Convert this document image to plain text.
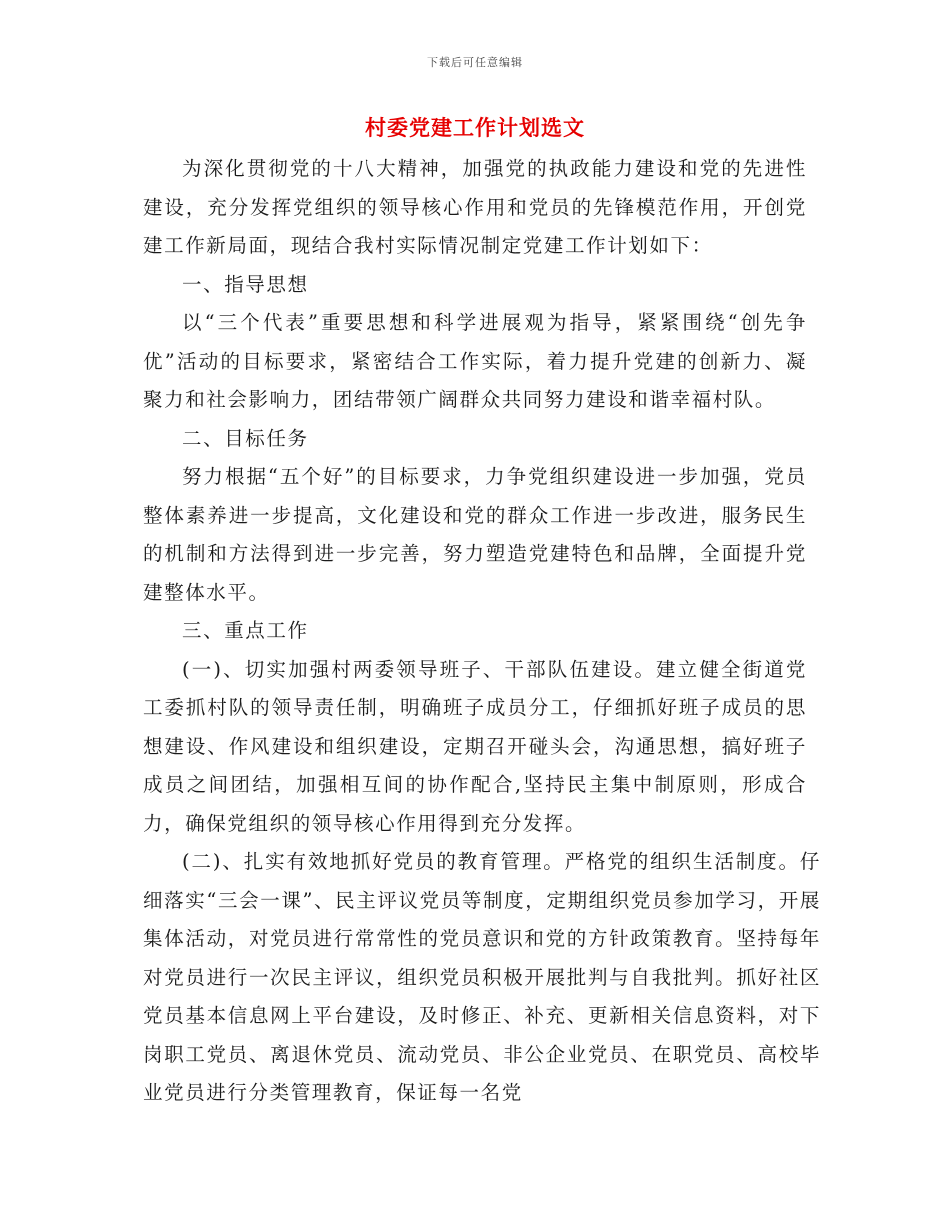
下载后可任意编辑
村委党建工作计划选文

为深化贯彻党的十八大精神，加强党的执政能力建设和党的先进性建设，充分发挥党组织的领导核心作用和党员的先锋模范作用，开创党建工作新局面，现结合我村实际情况制定党建工作计划如下：

一、指导思想

以“三个代表”重要思想和科学进展观为指导，紧紧围绕“创先争优”活动的目标要求，紧密结合工作实际，着力提升党建的创新力、凝聚力和社会影响力，团结带领广阔群众共同努力建设和谐幸福村队。

二、目标任务

努力根据“五个好”的目标要求，力争党组织建设进一步加强，党员整体素养进一步提高，文化建设和党的群众工作进一步改进，服务民生的机制和方法得到进一步完善，努力塑造党建特色和品牌，全面提升党建整体水平。

三、重点工作

(一)、切实加强村两委领导班子、干部队伍建设。建立健全街道党工委抓村队的领导责任制，明确班子成员分工，仔细抓好班子成员的思想建设、作风建设和组织建设，定期召开碰头会，沟通思想，搞好班子成员之间团结，加强相互间的协作配合,坚持民主集中制原则，形成合力，确保党组织的领导核心作用得到充分发挥。

(二)、扎实有效地抓好党员的教育管理。严格党的组织生活制度。仔细落实“三会一课”、民主评议党员等制度，定期组织党员参加学习，开展集体活动，对党员进行常常性的党员意识和党的方针政策教育。坚持每年对党员进行一次民主评议，组织党员积极开展批判与自我批判。抓好社区党员基本信息网上平台建设，及时修正、补充、更新相关信息资料，对下岗职工党员、离退休党员、流动党员、非公企业党员、在职党员、高校毕业党员进行分类管理教育，保证每一名党
